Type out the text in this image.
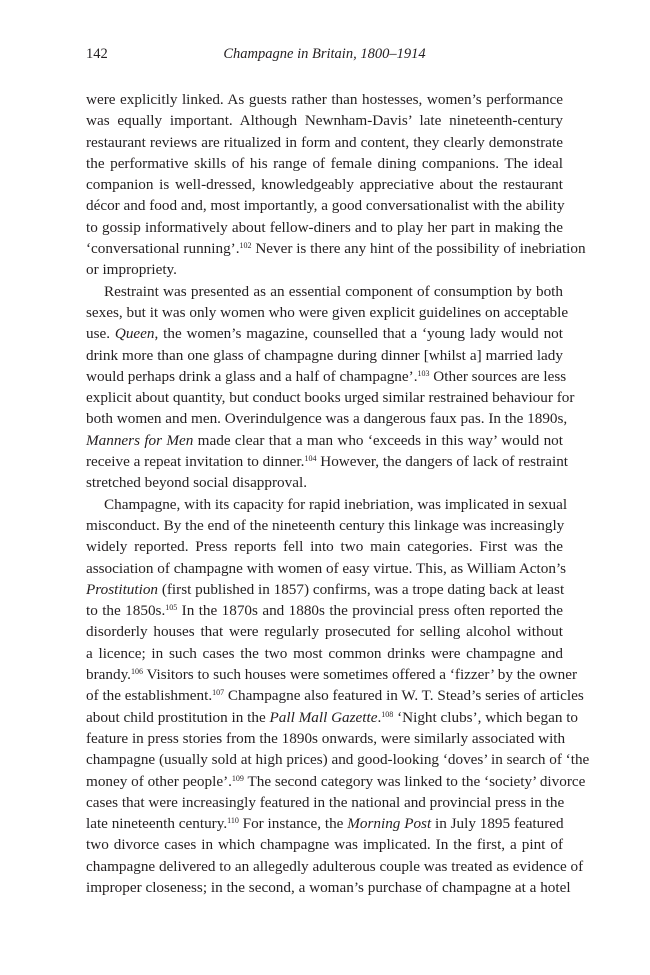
142	Champagne in Britain, 1800–1914
were explicitly linked. As guests rather than hostesses, women’s performance
was equally important. Although Newnham-Davis’ late nineteenth-century
restaurant reviews are ritualized in form and content, they clearly demonstrate
the performative skills of his range of female dining companions. The ideal
companion is well-dressed, knowledgeably appreciative about the restaurant
décor and food and, most importantly, a good conversationalist with the ability
to gossip informatively about fellow-diners and to play her part in making the
‘conversational running’.$^{102}$ Never is there any hint of the possibility of inebriation
or impropriety.
Restraint was presented as an essential component of consumption by both
sexes, but it was only women who were given explicit guidelines on acceptable
use. Queen, the women’s magazine, counselled that a ‘young lady would not
drink more than one glass of champagne during dinner [whilst a] married lady
would perhaps drink a glass and a half of champagne’.$^{103}$ Other sources are less
explicit about quantity, but conduct books urged similar restrained behaviour for
both women and men. Overindulgence was a dangerous faux pas. In the 1890s,
Manners for Men made clear that a man who ‘exceeds in this way’ would not
receive a repeat invitation to dinner.$^{104}$ However, the dangers of lack of restraint
stretched beyond social disapproval.
Champagne, with its capacity for rapid inebriation, was implicated in sexual
misconduct. By the end of the nineteenth century this linkage was increasingly
widely reported. Press reports fell into two main categories. First was the
association of champagne with women of easy virtue. This, as William Acton’s
Prostitution (first published in 1857) confirms, was a trope dating back at least
to the 1850s.$^{105}$ In the 1870s and 1880s the provincial press often reported the
disorderly houses that were regularly prosecuted for selling alcohol without
a licence; in such cases the two most common drinks were champagne and
brandy.$^{106}$ Visitors to such houses were sometimes offered a ‘fizzer’ by the owner
of the establishment.$^{107}$ Champagne also featured in W. T. Stead’s series of articles
about child prostitution in the Pall Mall Gazette.$^{108}$ ‘Night clubs’, which began to
feature in press stories from the 1890s onwards, were similarly associated with
champagne (usually sold at high prices) and good-looking ‘doves’ in search of ‘the
money of other people’.$^{109}$ The second category was linked to the ‘society’ divorce
cases that were increasingly featured in the national and provincial press in the
late nineteenth century.$^{110}$ For instance, the Morning Post in July 1895 featured
two divorce cases in which champagne was implicated. In the first, a pint of
champagne delivered to an allegedly adulterous couple was treated as evidence of
improper closeness; in the second, a woman’s purchase of champagne at a hotel
